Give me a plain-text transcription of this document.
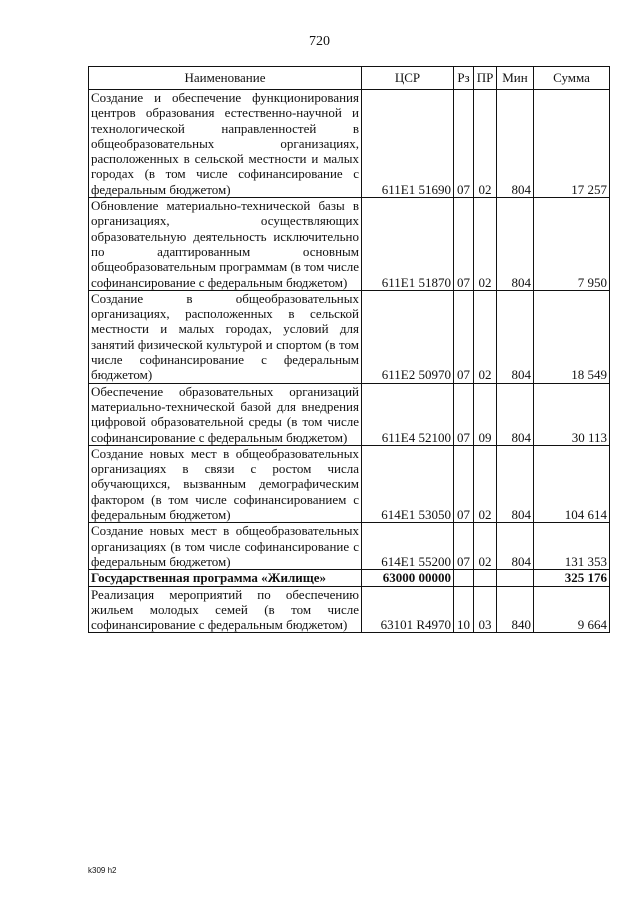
720
Наименование	ЦСР	Рз	ПР	Мин	Сумма
Создание и обеспечение функционирования центров образования естественно-научной и технологической направленностей в общеобразовательных организациях, расположенных в сельской местности и малых городах (в том числе софинансирование с федеральным бюджетом)	611E1 51690	07	02	804	17 257
Обновление материально-технической базы в организациях, осуществляющих образовательную деятельность исключительно по адаптированным основным общеобразовательным программам (в том числе софинансирование с федеральным бюджетом)	611E1 51870	07	02	804	7 950
Создание в общеобразовательных организациях, расположенных в сельской местности и малых городах, условий для занятий физической культурой и спортом (в том числе софинансирование с федеральным бюджетом)	611E2 50970	07	02	804	18 549
Обеспечение образовательных организаций материально-технической базой для внедрения цифровой образовательной среды (в том числе софинансирование с федеральным бюджетом)	611E4 52100	07	09	804	30 113
Создание новых мест в общеобразовательных организациях в связи с ростом числа обучающихся, вызванным демографическим фактором (в том числе софинансированием с федеральным бюджетом)	614E1 53050	07	02	804	104 614
Создание новых мест в общеобразовательных организациях (в том числе софинансирование с федеральным бюджетом)	614E1 55200	07	02	804	131 353
Государственная программа «Жилище»	63000 00000				325 176
Реализация мероприятий по обеспечению жильем молодых семей (в том числе софинансирование с федеральным бюджетом)	63101 R4970	10	03	840	9 664
k309 h2
